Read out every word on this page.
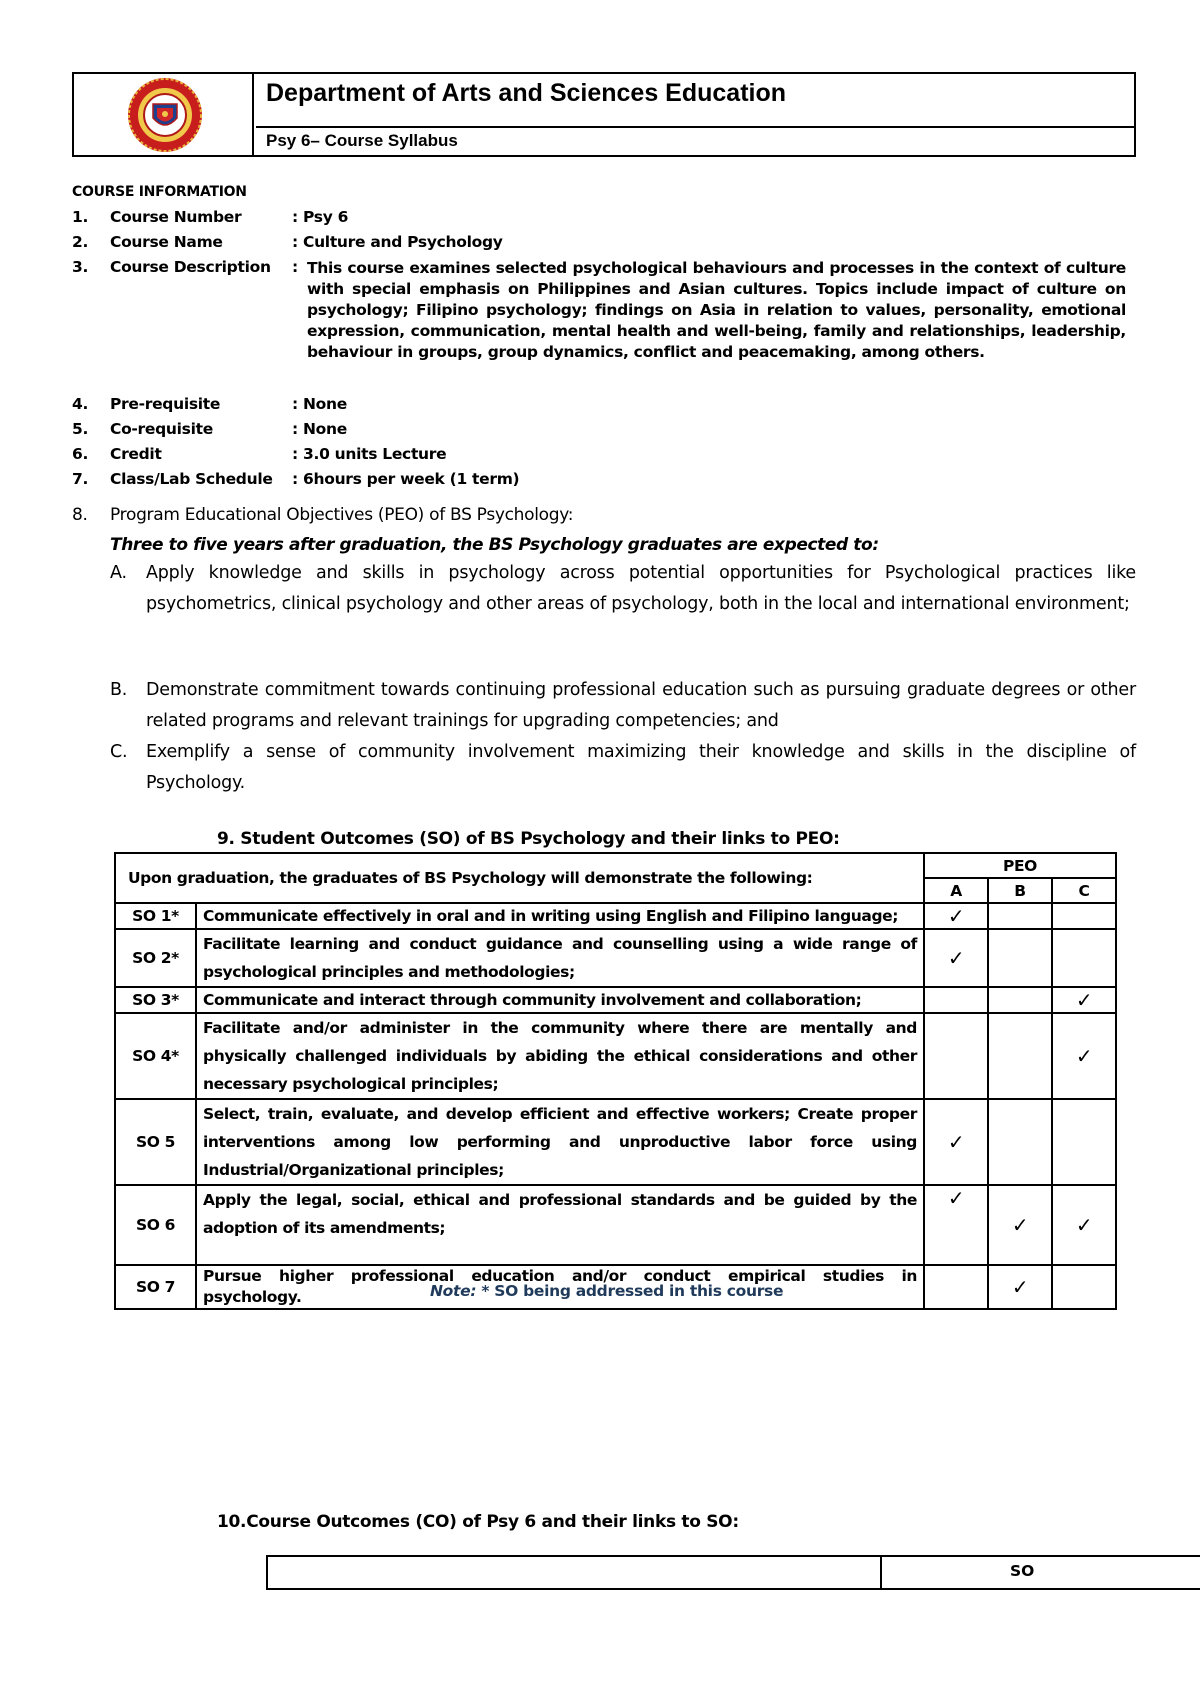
Department of Arts and Sciences Education
Psy 6– Course Syllabus
COURSE INFORMATION
1.	Course Number	: Psy 6
2.	Course Name	: Culture and Psychology
3.	Course Description : This course examines selected psychological behaviours and processes in the context of culture with special emphasis on Philippines and Asian cultures. Topics include impact of culture on psychology; Filipino psychology; findings on Asia in relation to values, personality, emotional expression, communication, mental health and well-being, family and relationships, leadership, behaviour in groups, group dynamics, conflict and peacemaking, among others.
4.	Pre-requisite	: None
5.	Co-requisite	: None
6.	Credit	: 3.0 units Lecture
7.	Class/Lab Schedule : 6hours per week (1 term)
8. Program Educational Objectives (PEO) of BS Psychology:
Three to five years after graduation, the BS Psychology graduates are expected to:
A. Apply knowledge and skills in psychology across potential opportunities for Psychological practices like psychometrics, clinical psychology and other areas of psychology, both in the local and international environment;
B. Demonstrate commitment towards continuing professional education such as pursuing graduate degrees or other related programs and relevant trainings for upgrading competencies; and
C. Exemplify a sense of community involvement maximizing their knowledge and skills in the discipline of Psychology.
9. Student Outcomes (SO) of BS Psychology and their links to PEO:
Upon graduation, the graduates of BS Psychology will demonstrate the following:		PEO		
		A	B	C
SO 1*	Communicate effectively in oral and in writing using English and Filipino language;	✓		
SO 2*	Facilitate learning and conduct guidance and counselling using a wide range of psychological principles and methodologies;	✓		
SO 3*	Communicate and interact through community involvement and collaboration;			✓
SO 4*	Facilitate and/or administer in the community where there are mentally and physically challenged individuals by abiding the ethical considerations and other necessary psychological principles;			✓
SO 5	Select, train, evaluate, and develop efficient and effective workers; Create proper interventions among low performing and unproductive labor force using Industrial/Organizational principles;	✓		
SO 6	Apply the legal, social, ethical and professional standards and be guided by the adoption of its amendments;	✓	✓	✓
SO 7	Pursue higher professional education and/or conduct empirical studies in psychology.		✓	
Note: * SO being addressed in this course
10.Course Outcomes (CO) of Psy 6 and their links to SO:
SO
